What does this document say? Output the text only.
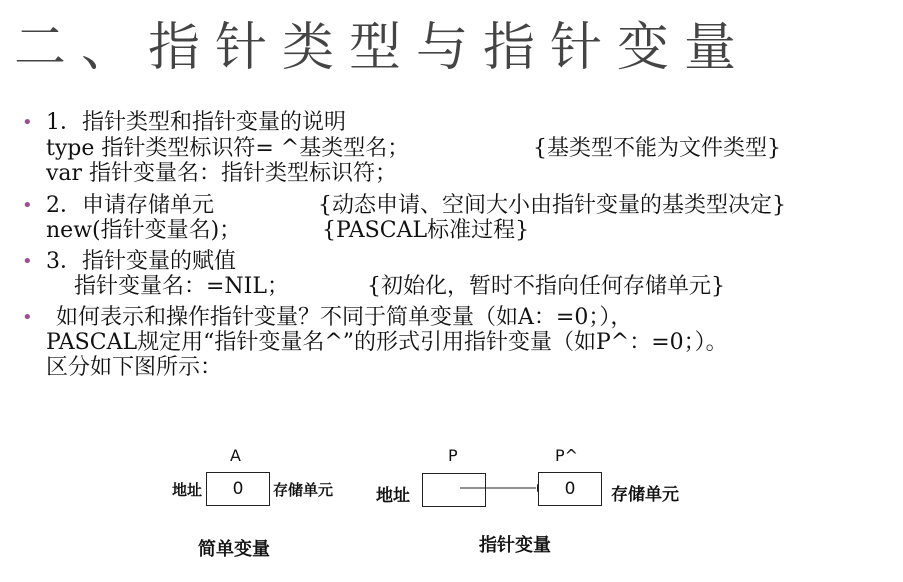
二、指针类型与指针变量
• 1．指针类型和指针变量的说明
type 指针类型标识符= ^基类型名；	{基类型不能为文件类型}
var 指针变量名：指针类型标识符；
• 2．申请存储单元	{动态申请、空间大小由指针变量的基类型决定}
new(指针变量名)；	{PASCAL标准过程}
• 3．指针变量的赋值
指针变量名：=NIL；	{初始化，暂时不指向任何存储单元}
• 如何表示和操作指针变量？不同于简单变量（如A：=0；），
PASCAL规定用“指针变量名^”的形式引用指针变量（如P^：=0；）。
区分如下图所示：
A
地址	0	存储单元
简单变量
P
地址
P^
0	存储单元
指针变量
